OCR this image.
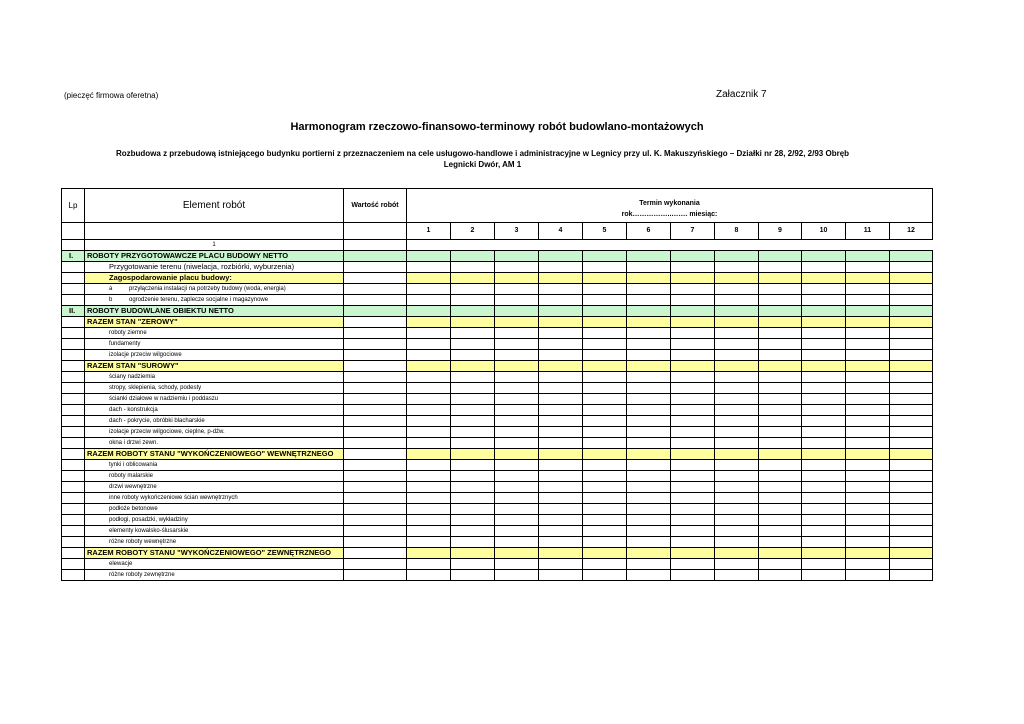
(pieczęć firmowa oferetna)	Załacznik 7
Harmonogram rzeczowo-finansowo-terminowy robót budowlano-montażowych
Rozbudowa z przebudową istniejącego budynku portierni z przeznaczeniem na cele usługowo-handlowe i administracyjne w Legnicy przy ul. K. Makuszyńskiego – Działki nr 28, 2/92, 2/93 Obręb
Legnicki Dwór, AM 1
Lp	Element robót	Wartość robót	Termin wykonania											
			rok……………..……. miesiąc:											
			1	2	3	4	5	6	7	8	9	10	11	12
	1													
I.	ROBOTY PRZYGOTOWAWCZE PLACU BUDOWY NETTO													
	Przygotowanie terenu (niwelacja, rozbiórki, wyburzenia)													
	Zagospodarowanie placu budowy:													
	a przyłączenia instalacji na potrzeby budowy (woda, energia)													
	b ogrodzenie terenu, zaplecze socjalne i magazynowe													
II.	ROBOTY BUDOWLANE OBIEKTU NETTO													
	RAZEM STAN "ZEROWY"													
	roboty ziemne													
	fundamenty													
	izolacje przeciw wilgociowe													
	RAZEM STAN "SUROWY"													
	ściany nadziemia													
	stropy, sklepienia, schody, podesty													
	ścianki działowe w nadziemiu i poddaszu													
	dach - konstrukcja													
	dach - pokrycie, obróbki blacharskie													
	izolacje przeciw wilgociowe, cieplne, p-dźw.													
	okna i drzwi zewn.													
	RAZEM ROBOTY STANU "WYKOŃCZENIOWEGO" WEWNĘTRZNEGO													
	tynki i oblicowania													
	roboty malarskie													
	drzwi wewnętrzne													
	inne roboty wykończeniowe ścian wewnętrznych													
	podłoże betonowe													
	podłogi, posadzki, wykładziny													
	elementy kowalsko-ślusarskie													
	różne roboty wewnętrzne													
	RAZEM ROBOTY STANU "WYKOŃCZENIOWEGO" ZEWNĘTRZNEGO													
	elewacje													
	różne roboty zewnętrzne													
